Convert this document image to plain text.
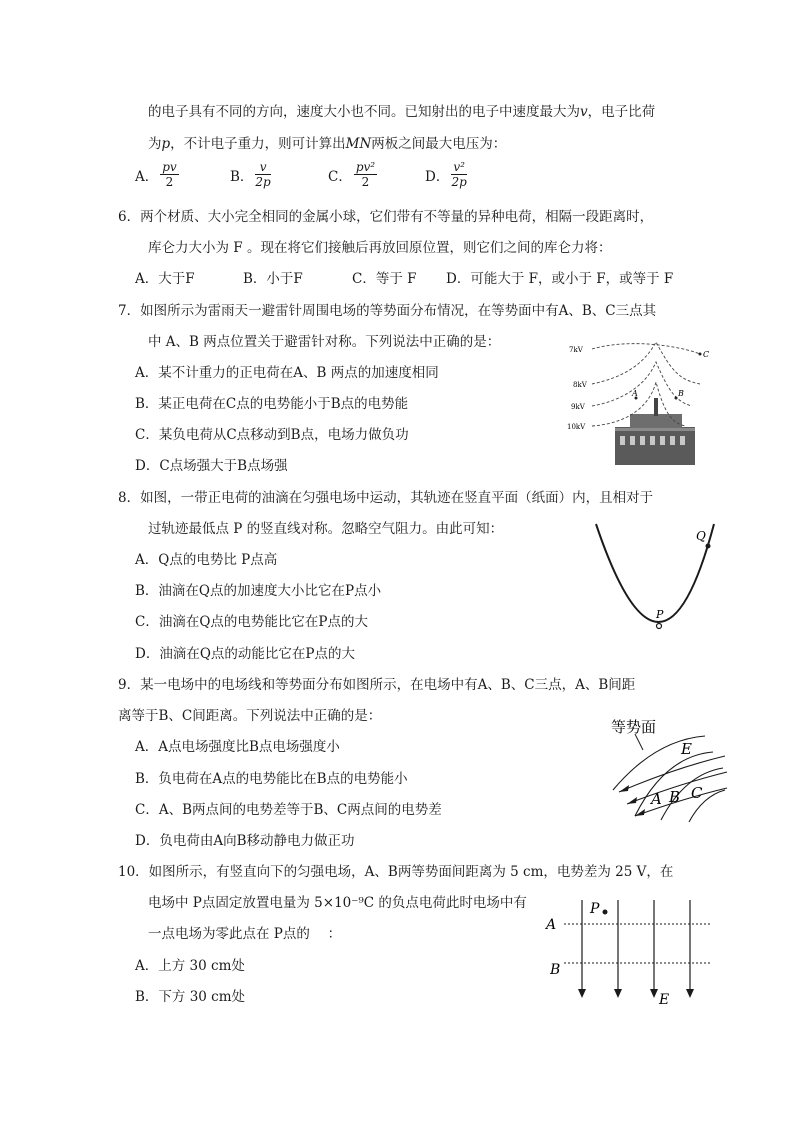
的电子具有不同的方向，速度大小也不同。已知射出的电子中速度最大为v，电子比荷
为p，不计电子重力，则可计算出MN两板之间最大电压为：
A． $\frac{pv}{2}$	B． $\frac{v}{2p}$	C． $\frac{\text{pv²}}{2}$	D． $\frac{\text{v²}}{2p}$
6．两个材质、大小完全相同的金属小球，它们带有不等量的异种电荷，相隔一段距离时，
库仑力大小为 F 。现在将它们接触后再放回原位置，则它们之间的库仑力将：
A．大于F	B．小于F	C．等于 F D．可能大于 F，或小于 F，或等于 F
7．如图所示为雷雨天一避雷针周围电场的等势面分布情况，在等势面中有A、B、C三点其
中 A、B 两点位置关于避雷针对称。下列说法中正确的是：
A．某不计重力的正电荷在A、B 两点的加速度相同
B．某正电荷在C点的电势能小于B点的电势能
C．某负电荷从C点移动到B点，电场力做负功
D．C点场强大于B点场强
7kV
8kV
9kV
10kV
A	B
C
8．如图，一带正电荷的油滴在匀强电场中运动，其轨迹在竖直平面（纸面）内，且相对于
过轨迹最低点 P 的竖直线对称。忽略空气阻力。由此可知：
A．Q点的电势比 P点高
B．油滴在Q点的加速度大小比它在P点小
C．油滴在Q点的电势能比它在P点的大
D．油滴在Q点的动能比它在P点的大
Q
P
9．某一电场中的电场线和等势面分布如图所示，在电场中有A、B、C三点，A、B间距
离等于B、C间距离。下列说法中正确的是：
A．A点电场强度比B点电场强度小
B．负电荷在A点的电势能比在B点的电势能小
C．A、B两点间的电势差等于B、C两点间的电势差
D．负电荷由A向B移动静电力做正功
等势面
E
A B C
10．如图所示，有竖直向下的匀强电场，A、B两等势面间距离为 5 cm，电势差为 25 V，在
电场中 P点固定放置电量为 5×10⁻⁹C 的负点电荷此时电场中有
一点电场为零此点在 P点的　 ：
A．上方 30 cm处
B．下方 30 cm处
P
A
B
E
